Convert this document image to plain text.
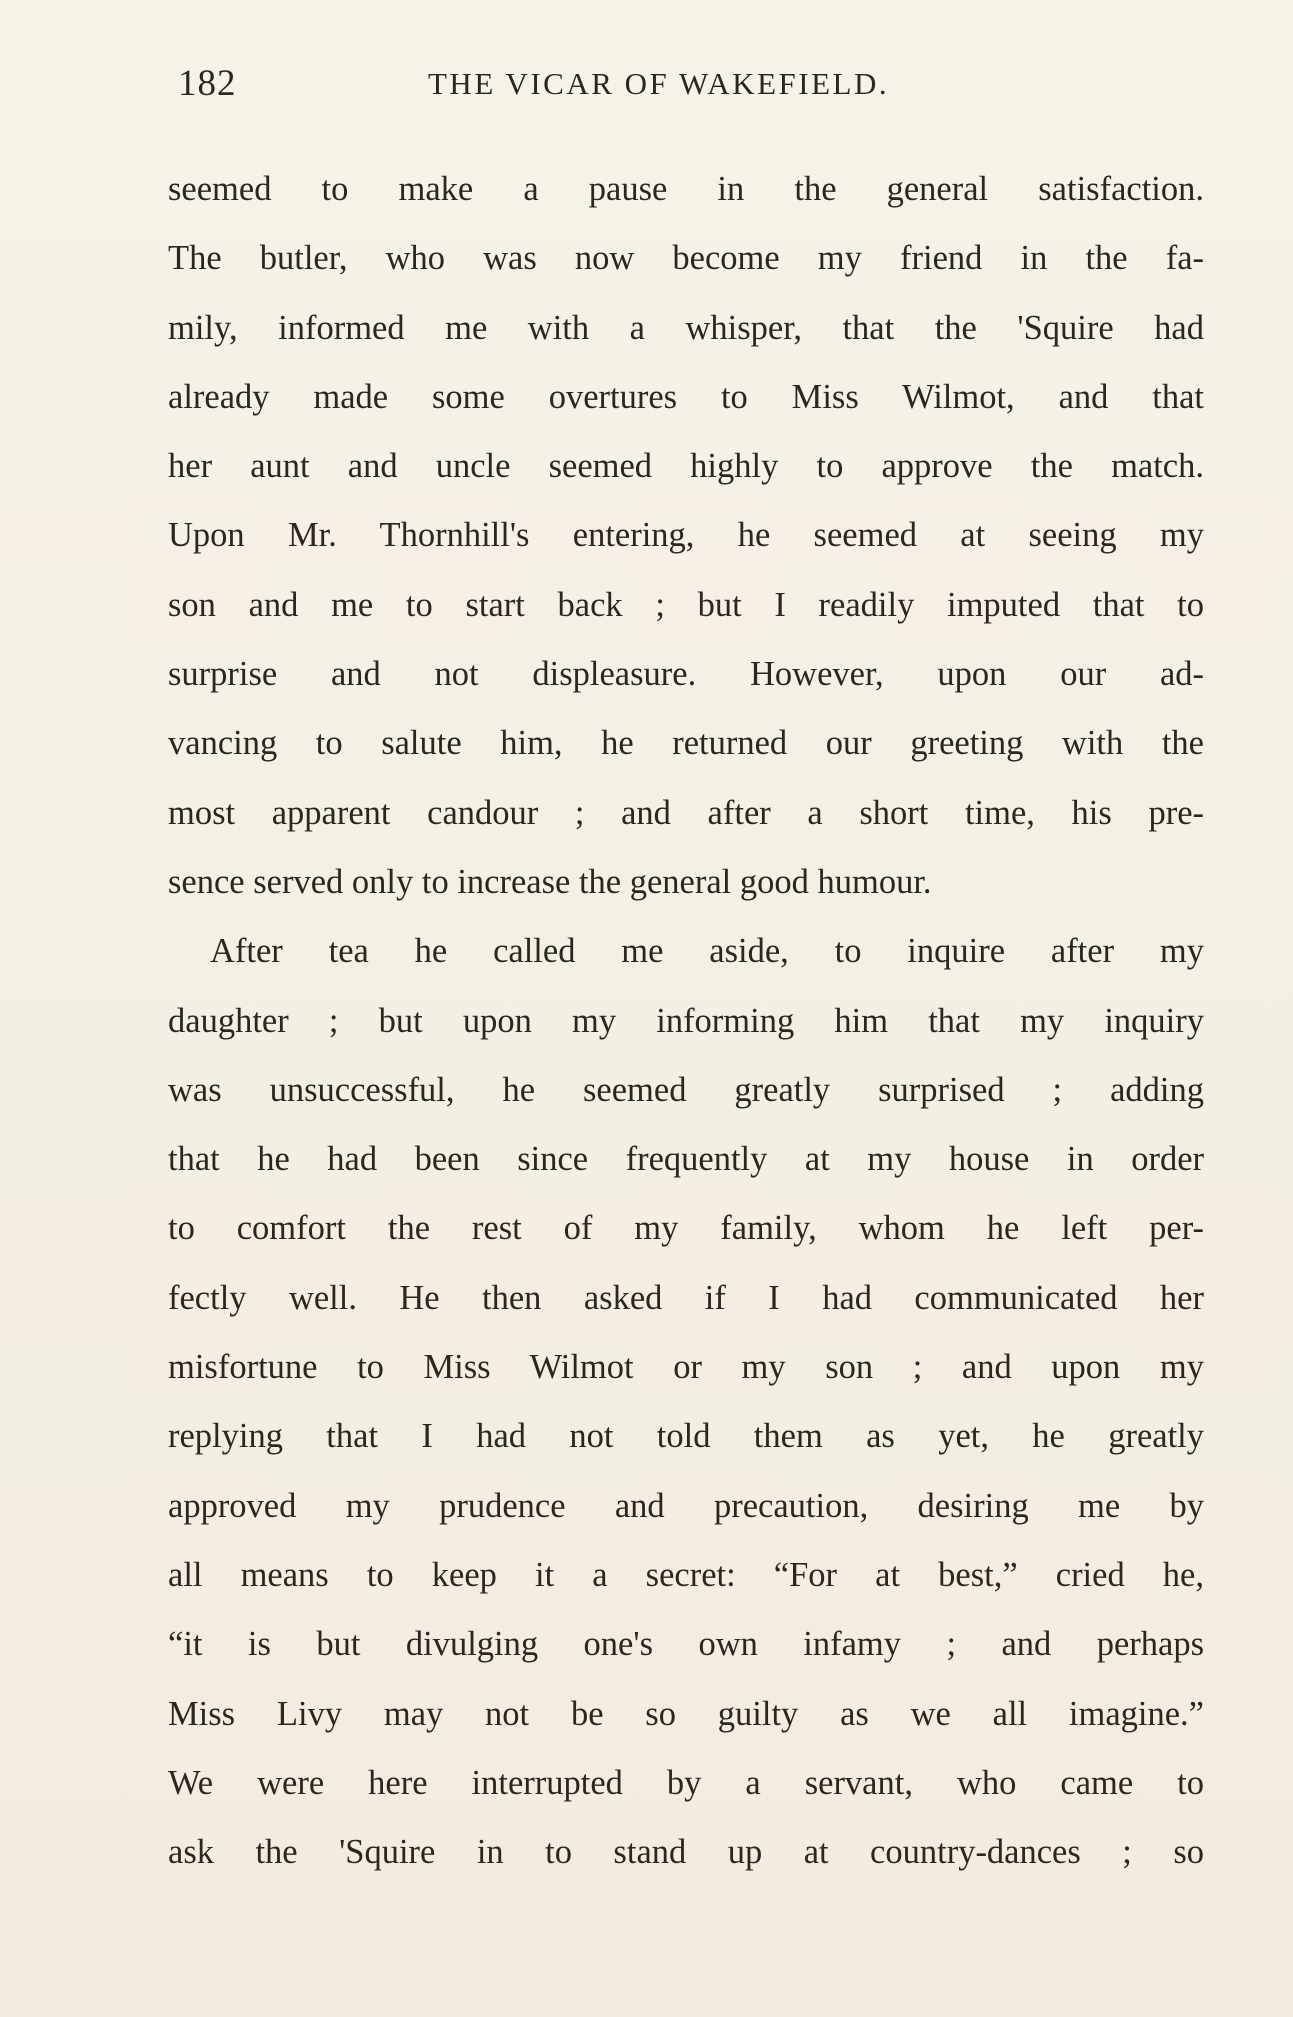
182	THE VICAR OF WAKEFIELD.
seemed to make a pause in the general satisfaction.
The butler, who was now become my friend in the fa-
mily, informed me with a whisper, that the 'Squire had
already made some overtures to Miss Wilmot, and that
her aunt and uncle seemed highly to approve the match.
Upon Mr. Thornhill's entering, he seemed at seeing my
son and me to start back ; but I readily imputed that to
surprise and not displeasure. However, upon our ad-
vancing to salute him, he returned our greeting with the
most apparent candour ; and after a short time, his pre-
sence served only to increase the general good humour.
After tea he called me aside, to inquire after my
daughter ; but upon my informing him that my inquiry
was unsuccessful, he seemed greatly surprised ; adding
that he had been since frequently at my house in order
to comfort the rest of my family, whom he left per-
fectly well. He then asked if I had communicated her
misfortune to Miss Wilmot or my son ; and upon my
replying that I had not told them as yet, he greatly
approved my prudence and precaution, desiring me by
all means to keep it a secret: “For at best,” cried he,
“it is but divulging one's own infamy ; and perhaps
Miss Livy may not be so guilty as we all imagine.”
We were here interrupted by a servant, who came to
ask the 'Squire in to stand up at country-dances ; so
